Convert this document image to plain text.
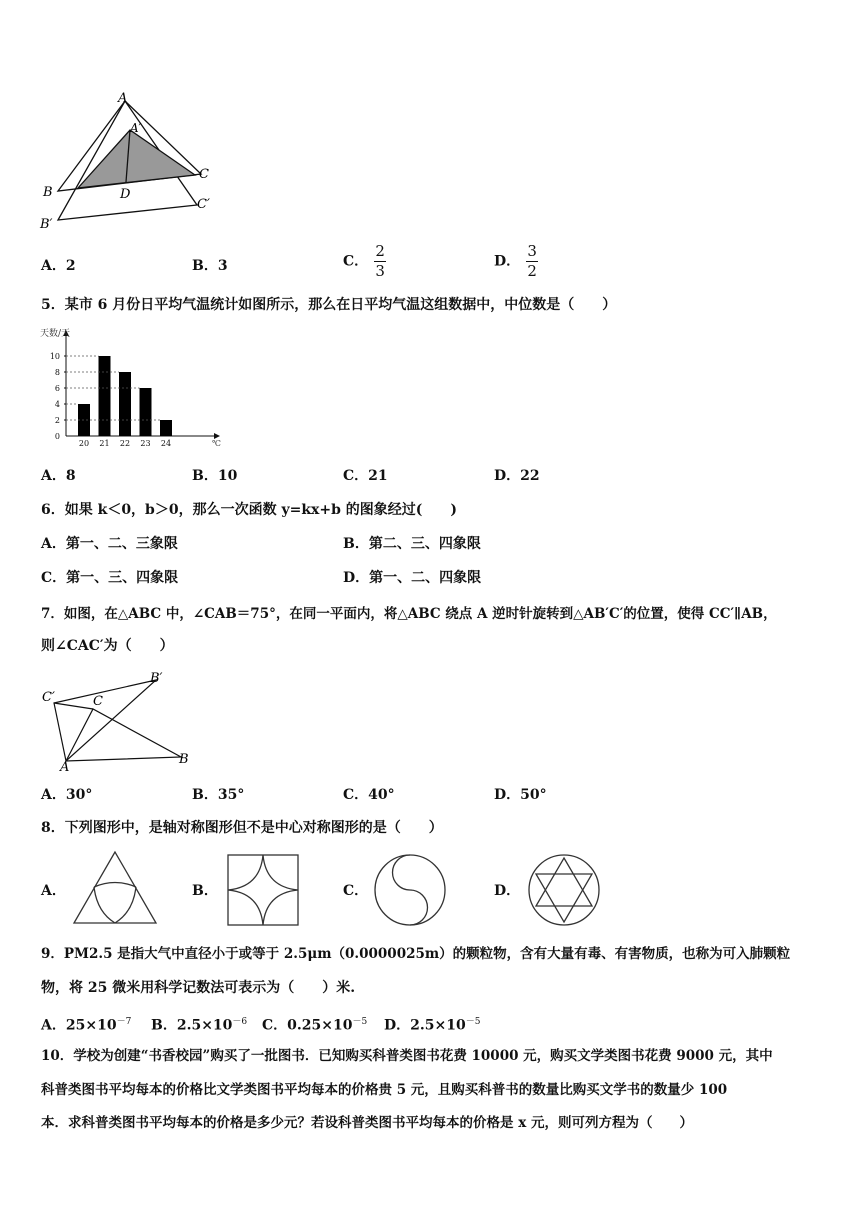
A
A′
B	D
C
C′
B′
A．2	B．3	C． $\frac{2}{3}$	D． $\frac{3}{2}$
5．某市 6 月份日平均气温统计如图所示，那么在日平均气温这组数据中，中位数是（　　）
天数/天
0
2
4
6
8
10
20 21 22 23 24	℃
A．8	B．10	C．21	D．22
6．如果 k＜0，b＞0，那么一次函数 y=kx+b 的图象经过(　　)
A．第一、二、三象限	B．第二、三、四象限
C．第一、三、四象限	D．第一、二、四象限
7．如图，在△ABC 中，∠CAB＝75°，在同一平面内，将△ABC 绕点 A 逆时针旋转到△AB′C′的位置，使得 CC′∥AB，
则∠CAC′为（　　）
C′	C
B′
A
B
A．30°	B．35°	C．40°	D．50°
8．下列图形中，是轴对称图形但不是中心对称图形的是（　　）
A．	B．	C．	D．
9．PM2.5 是指大气中直径小于或等于 2.5μm（0.0000025m）的颗粒物，含有大量有毒、有害物质，也称为可入肺颗粒
物，将 25 微米用科学记数法可表示为（　　）米.
A．$25\times 10^{-7}$ B．$2.5\times 10^{-6}$ C．$0.25\times 10^{-5}$ D．$2.5\times 10^{-5}$
10．学校为创建“书香校园”购买了一批图书．已知购买科普类图书花费 10000 元，购买文学类图书花费 9000 元，其中
科普类图书平均每本的价格比文学类图书平均每本的价格贵 5 元，且购买科普书的数量比购买文学书的数量少 100
本．求科普类图书平均每本的价格是多少元？若设科普类图书平均每本的价格是 x 元，则可列方程为（　　）
